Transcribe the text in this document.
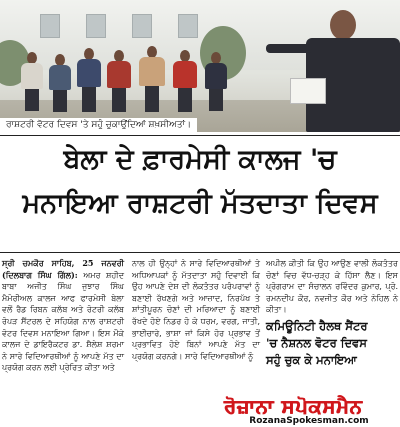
ਰਾਸ਼ਟਰੀ ਵੋਟਰ ਦਿਵਸ 'ਤੇ ਸਹੁੰ ਚੁਕਾਉਂਦਿਆਂ ਸ਼ਖ਼ਸੀਅਤਾਂ।
ਬੇਲਾ ਦੇ ਫ਼ਾਰਮੇਸੀ ਕਾਲਜ 'ਚ
ਮਨਾਇਆ ਰਾਸ਼ਟਰੀ ਮੱਤਦਾਤਾ ਦਿਵਸ
ਸ੍ਰੀ ਚਮਕੌਰ ਸਾਹਿਬ, 25 ਜਨਵਰੀ (ਦਿਲਬਾਗ ਸਿੰਘ ਗਿੱਲ): ਅਮਰ ਸ਼ਹੀਦ ਬਾਬਾ ਅਜੀਤ ਸਿੰਘ ਜੁਝਾਰ ਸਿੰਘ ਮੈਮੋਰੀਅਲ ਕਾਲਜ ਆਫ ਫਾਰਮੇਸੀ ਬੇਲਾ ਵਲੋਂ ਰੈਡ ਰਿਬਨ ਕਲੱਬ ਅਤੇ ਰੋਟਰੀ ਕਲੱਬ ਰੋਪੜ ਸੈਂਟਰਲ ਦੇ ਸਹਿਯੋਗ ਨਾਲ ਰਾਸ਼ਟਰੀ ਵੋਟਰ ਦਿਵਸ ਮਨਾਇਆ ਗਿਆ। ਇਸ ਮੌਕੇ ਕਾਲਜ ਦੇ ਡਾਇਰੈਕਟਰ ਡਾ. ਸ਼ੈਲੇਸ਼ ਸ਼ਰਮਾ ਨੇ ਸਾਰੇ ਵਿਦਿਆਰਥੀਆਂ ਨੂੰ ਆਪਣੇ ਮੱਤ ਦਾ ਪ੍ਰਯੋਗ ਕਰਨ ਲਈ ਪ੍ਰੇਰਿਤ ਕੀਤਾ ਅਤੇ
ਨਾਲ ਹੀ ਉਨ੍ਹਾਂ ਨੇ ਸਾਰੇ ਵਿਦਿਆਰਥੀਆਂ ਤੇ ਅਧਿਆਪਕਾਂ ਨੂੰ ਮੱਤਦਾਤਾ ਸਹੁੰ ਦਿਵਾਈ ਕਿ ਉਹ ਆਪਣੇ ਦੇਸ਼ ਦੀ ਲੋਕਤੰਤਰ ਪਰੰਪਰਾਵਾਂ ਨੂੰ ਬਣਾਈ ਰੱਖਣਗੇ ਅਤੇ ਆਜ਼ਾਦ, ਨਿਰਪੱਖ ਤੇ ਸ਼ਾਂਤੀਪੂਰਨ ਚੋਣਾਂ ਦੀ ਮਰਿਆਦਾ ਨੂੰ ਬਣਾਈ ਰੱਖਦੇ ਹੋਏ ਨਿਡਰ ਹੋ ਕੇ ਧਰਮ, ਵਰਗ, ਜਾਤੀ, ਭਾਈਚਾਰੇ, ਭਾਸ਼ਾ ਜਾਂ ਕਿਸੇ ਹੋਰ ਪ੍ਰਭਾਵ ਤੋਂ ਪ੍ਰਭਾਵਿਤ ਹੋਏ ਬਿਨਾਂ ਆਪਣੇ ਮੱਤ ਦਾ ਪ੍ਰਯੋਗ ਕਰਨਗੇ। ਸਾਰੇ ਵਿਦਿਆਰਥੀਆਂ ਨੂੰ
ਅਪੀਲ ਕੀਤੀ ਕਿ ਉਹ ਆਉਣ ਵਾਲੀ ਲੋਕਤੰਤਰ ਚੋਣਾਂ ਵਿਚ ਵੱਧ-ਚੜ੍ਹ ਕੇ ਹਿੱਸਾ ਲੈਣ। ਇਸ ਪ੍ਰੋਗਰਾਮ ਦਾ ਸੰਚਾਲਨ ਰਵਿੰਦਰ ਕੁਮਾਰ, ਪ੍ਰੋ. ਰਮਨਦੀਪ ਕੌਰ, ਨਵਜੀਤ ਕੌਰ ਅਤੇ ਨੇਹਿਲ ਨੇ ਕੀਤਾ।
ਕਮਿਊਨਿਟੀ ਹੈਲਥ ਸੈਂਟਰ
'ਚ ਨੈਸ਼ਨਲ ਵੋਟਰ ਦਿਵਸ
ਸਹੁੰ ਚੁਕ ਕੇ ਮਨਾਇਆ
ਰੋਜ਼ਾਨਾ ਸਪੋਕਸਮੈਨ
RozanaSpokesman.com
